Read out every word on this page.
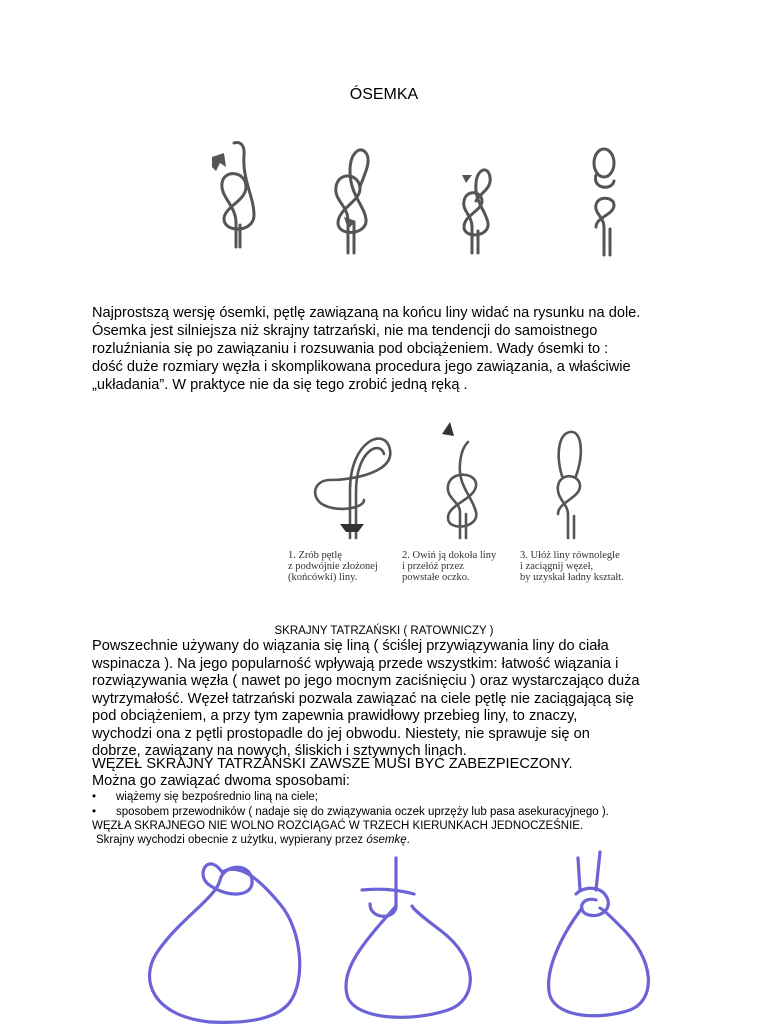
ÓSEMKA

Najprostszą wersję ósemki, pętlę zawiązaną na końcu liny widać na rysunku na dole.
Ósemka jest silniejsza niż skrajny tatrzański, nie ma tendencji do samoistnego
rozluźniania się po zawiązaniu i rozsuwania pod obciążeniem. Wady ósemki to :
dość duże rozmiary węzła i skomplikowana procedura jego zawiązania, a właściwie
„układania”. W praktyce nie da się tego zrobić jedną ręką .

1. Zrób pętlę
z podwójnie złożonej
(końcówki) liny.
2. Owiń ją dokoła liny
i przełóż przez
powstałe oczko.
3. Ułóż liny równolegle
i zaciągnij węzeł,
by uzyskał ładny kształt.
SKRAJNY TATRZAŃSKI ( RATOWNICZY )

Powszechnie używany do wiązania się liną ( ściślej przywiązywania liny do ciała
wspinacza ). Na jego popularność wpływają przede wszystkim: łatwość wiązania i
rozwiązywania węzła ( nawet po jego mocnym zaciśnięciu ) oraz wystarczająco duża
wytrzymałość. Węzeł tatrzański pozwala zawiązać na ciele pętlę nie zaciągającą się
pod obciążeniem, a przy tym zapewnia prawidłowy przebieg liny, to znaczy,
wychodzi ona z pętli prostopadle do jej obwodu. Niestety, nie sprawuje się on
dobrze, zawiązany na nowych, śliskich i sztywnych linach.

WĘZEŁ SKRAJNY TATRZAŃSKI ZAWSZE MUSI BYĆ ZABEZPIECZONY.
Można go zawiązać dwoma sposobami:
• wiążemy się bezpośrednio liną na ciele;
• sposobem przewodników ( nadaje się do związywania oczek uprzęży lub pasa asekuracyjnego ).
WĘZŁA SKRAJNEGO NIE WOLNO ROZCIĄGAĆ W TRZECH KIERUNKACH JEDNOCZEŚNIE.
Skrajny wychodzi obecnie z użytku, wypierany przez ósemkę.
